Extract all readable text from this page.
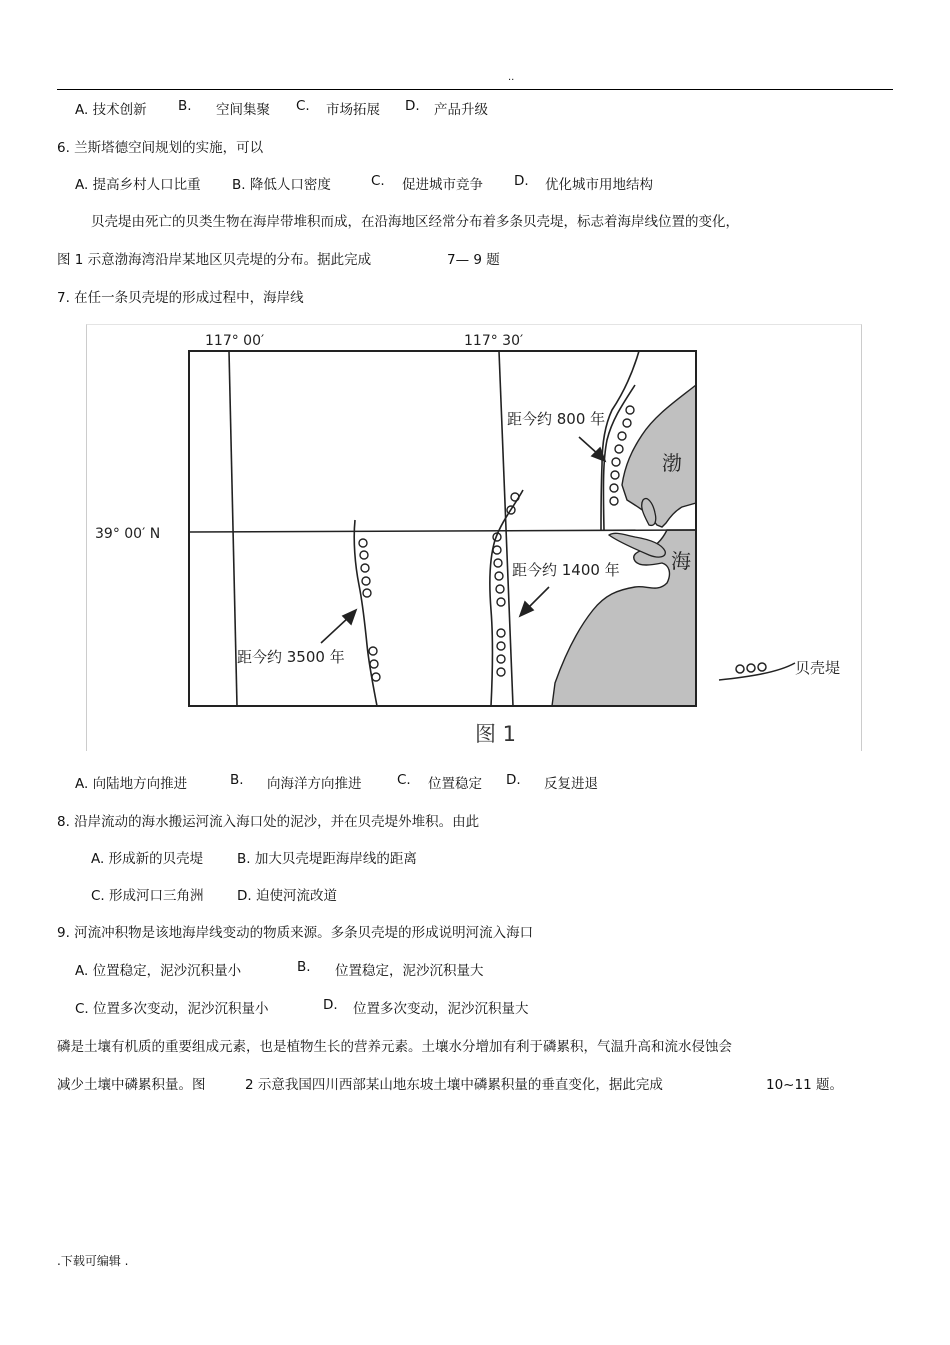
..
A. 技术创新 B. 空间集聚 C. 市场拓展 D. 产品升级
6. 兰斯塔德空间规划的实施，可以
A. 提高乡村人口比重 B. 降低人口密度	C. 促进城市竞争 D. 优化城市用地结构
贝壳堤由死亡的贝类生物在海岸带堆积而成，在沿海地区经常分布着多条贝壳堤，标志着海岸线位置的变化，
图 1 示意渤海湾沿岸某地区贝壳堤的分布。据此完成	7— 9 题
7. 在任一条贝壳堤的形成过程中，海岸线
117° 00′	117° 30′
39° 00′ N
距今约 800 年
距今约 1400 年
距今约 3500 年
渤
海
贝壳堤
图 1
A. 向陆地方向推进	B. 向海洋方向推进	C. 位置稳定 D. 反复进退
8. 沿岸流动的海水搬运河流入海口处的泥沙，并在贝壳堤外堆积。由此
A. 形成新的贝壳堤	B. 加大贝壳堤距海岸线的距离
C. 形成河口三角洲 D. 迫使河流改道
9. 河流冲积物是该地海岸线变动的物质来源。多条贝壳堤的形成说明河流入海口
A. 位置稳定，泥沙沉积量小	B. 位置稳定，泥沙沉积量大
C. 位置多次变动，泥沙沉积量小	D. 位置多次变动，泥沙沉积量大
磷是土壤有机质的重要组成元素，也是植物生长的营养元素。土壤水分增加有利于磷累积，气温升高和流水侵蚀会
减少土壤中磷累积量。图	2 示意我国四川西部某山地东坡土壤中磷累积量的垂直变化，据此完成	10~11 题。
.下载可编辑 .
